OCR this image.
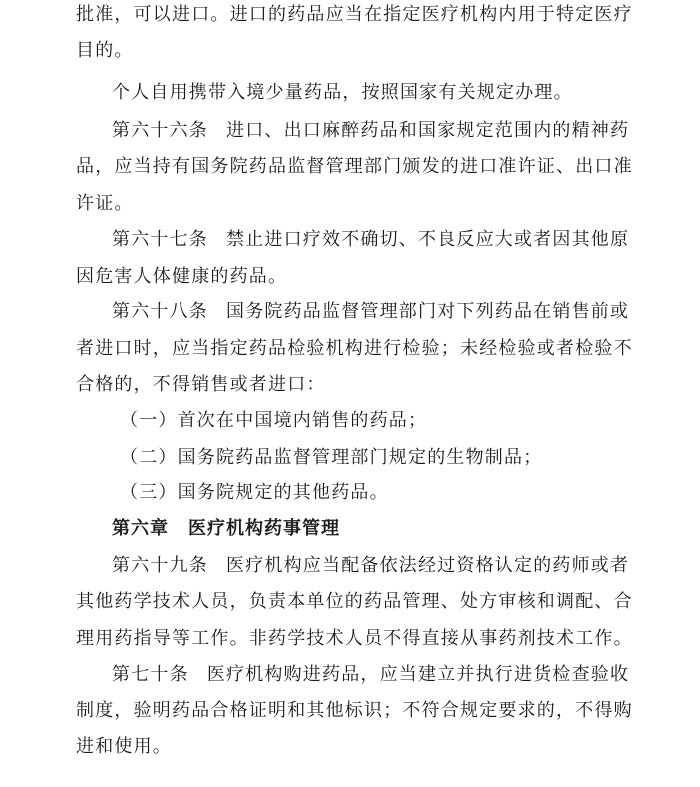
批准，可以进口。进口的药品应当在指定医疗机构内用于特定医疗
目的。
个人自用携带入境少量药品，按照国家有关规定办理。
第六十六条 进口、出口麻醉药品和国家规定范围内的精神药
品，应当持有国务院药品监督管理部门颁发的进口准许证、出口准
许证。
第六十七条 禁止进口疗效不确切、不良反应大或者因其他原
因危害人体健康的药品。
第六十八条 国务院药品监督管理部门对下列药品在销售前或
者进口时，应当指定药品检验机构进行检验；未经检验或者检验不
合格的，不得销售或者进口：
（一）首次在中国境内销售的药品；
（二）国务院药品监督管理部门规定的生物制品；
（三）国务院规定的其他药品。
第六章　医疗机构药事管理
第六十九条 医疗机构应当配备依法经过资格认定的药师或者
其他药学技术人员，负责本单位的药品管理、处方审核和调配、合
理用药指导等工作。非药学技术人员不得直接从事药剂技术工作。
第七十条 医疗机构购进药品，应当建立并执行进货检查验收
制度，验明药品合格证明和其他标识；不符合规定要求的，不得购
进和使用。
